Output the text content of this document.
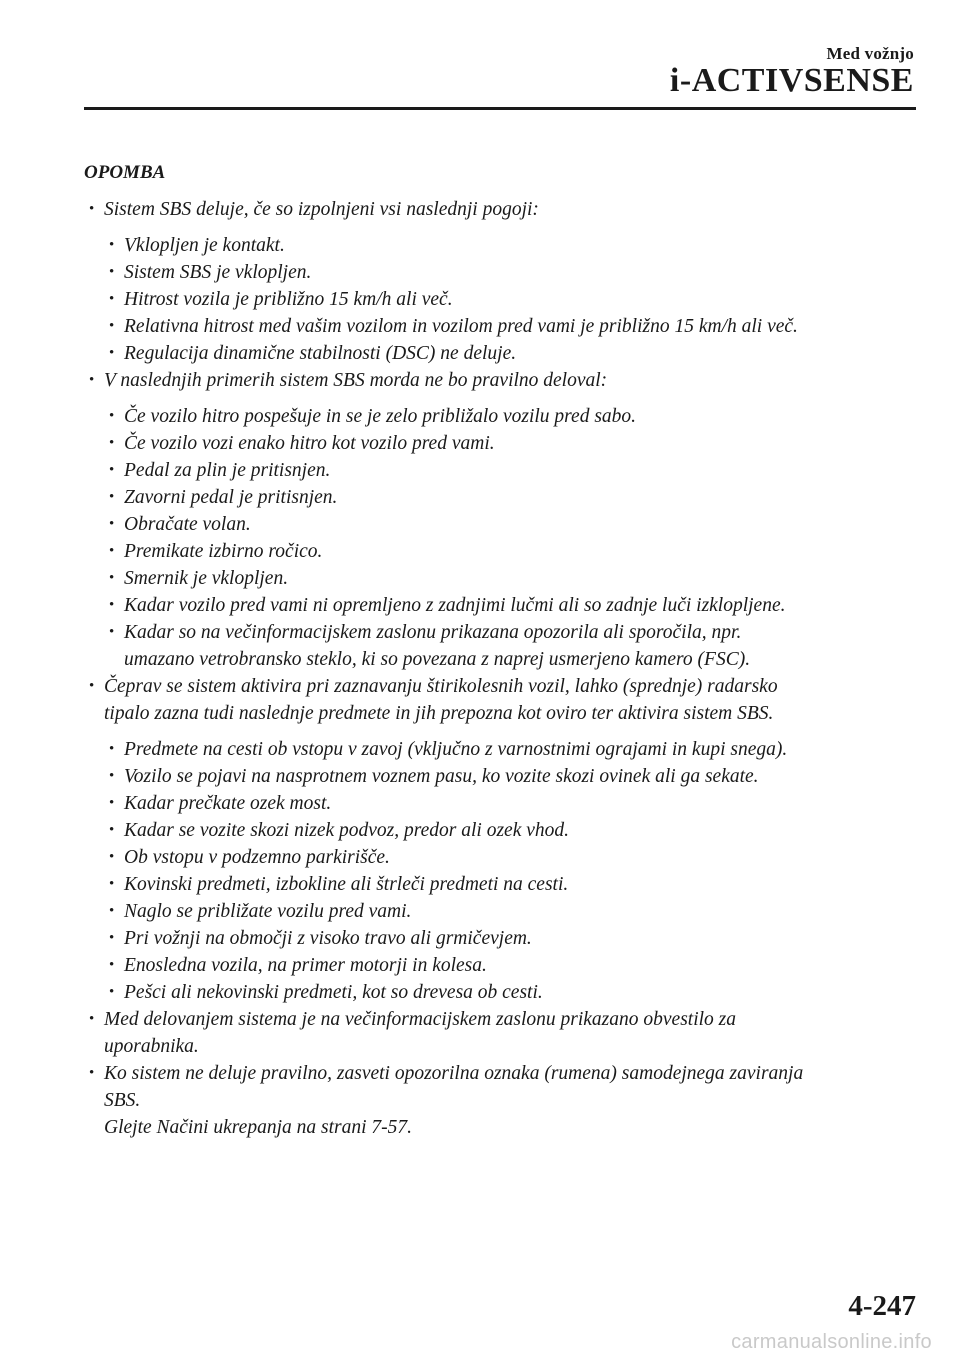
Med vožnjo
i-ACTIVSENSE
OPOMBA
• Sistem SBS deluje, če so izpolnjeni vsi naslednji pogoji:
• Vklopljen je kontakt.
• Sistem SBS je vklopljen.
• Hitrost vozila je približno 15 km/h ali več.
• Relativna hitrost med vašim vozilom in vozilom pred vami je približno 15 km/h ali več.
• Regulacija dinamične stabilnosti (DSC) ne deluje.
• V naslednjih primerih sistem SBS morda ne bo pravilno deloval:
• Če vozilo hitro pospešuje in se je zelo približalo vozilu pred sabo.
• Če vozilo vozi enako hitro kot vozilo pred vami.
• Pedal za plin je pritisnjen.
• Zavorni pedal je pritisnjen.
• Obračate volan.
• Premikate izbirno ročico.
• Smernik je vklopljen.
• Kadar vozilo pred vami ni opremljeno z zadnjimi lučmi ali so zadnje luči izklopljene.
• Kadar so na večinformacijskem zaslonu prikazana opozorila ali sporočila, npr.
umazano vetrobransko steklo, ki so povezana z naprej usmerjeno kamero (FSC).
• Čeprav se sistem aktivira pri zaznavanju štirikolesnih vozil, lahko (sprednje) radarsko
tipalo zazna tudi naslednje predmete in jih prepozna kot oviro ter aktivira sistem SBS.
• Predmete na cesti ob vstopu v zavoj (vključno z varnostnimi ograjami in kupi snega).
• Vozilo se pojavi na nasprotnem voznem pasu, ko vozite skozi ovinek ali ga sekate.
• Kadar prečkate ozek most.
• Kadar se vozite skozi nizek podvoz, predor ali ozek vhod.
• Ob vstopu v podzemno parkirišče.
• Kovinski predmeti, izbokline ali štrleči predmeti na cesti.
• Naglo se približate vozilu pred vami.
• Pri vožnji na območji z visoko travo ali grmičevjem.
• Enosledna vozila, na primer motorji in kolesa.
• Pešci ali nekovinski predmeti, kot so drevesa ob cesti.
• Med delovanjem sistema je na večinformacijskem zaslonu prikazano obvestilo za
uporabnika.
• Ko sistem ne deluje pravilno, zasveti opozorilna oznaka (rumena) samodejnega zaviranja
SBS.
Glejte Načini ukrepanja na strani 7-57.
4-247
carmanualsonline.info
